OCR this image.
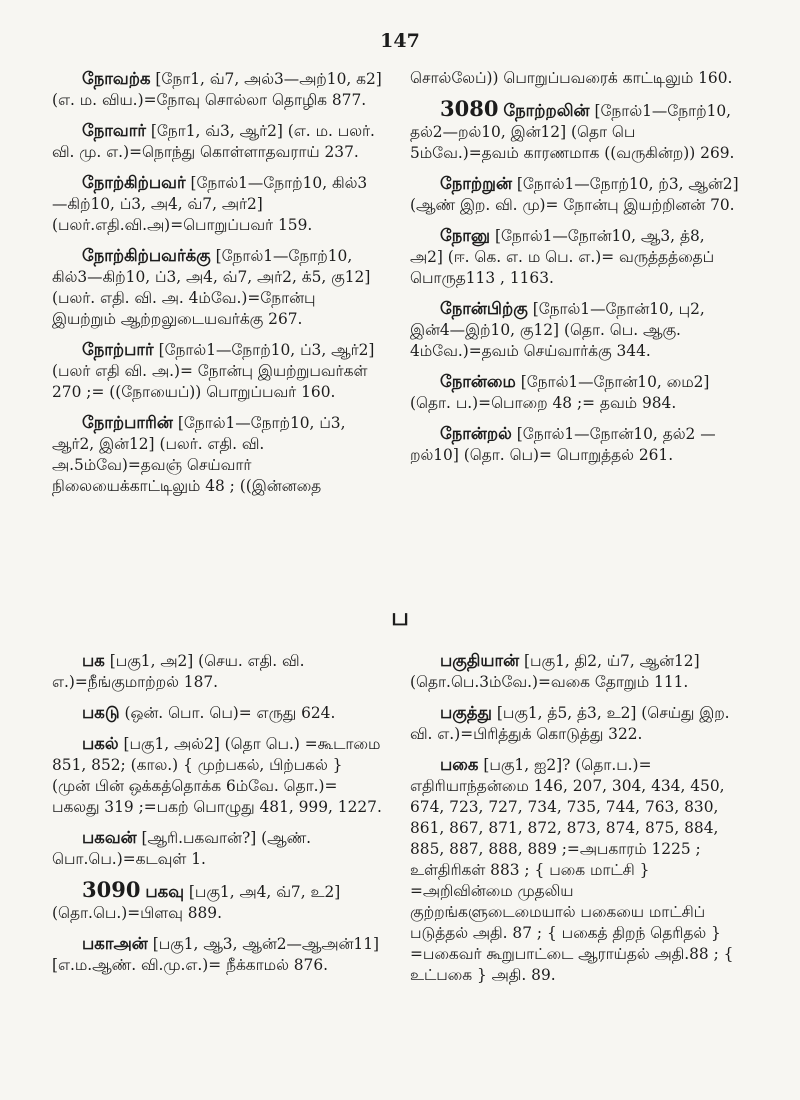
147

நோவற்க [நோ1, வ்7, அல்3—அற்10, க2] (எ. ம. விய.)=நோவு சொல்லா தொழிக 877.

நோவார் [நோ1, வ்3, ஆர்2] (எ. ம. பலர். வி. மு. எ.)=நொந்து கொள்ளாதவராய் 237.

நோற்கிற்பவர் [நோல்1—நோற்10, கில்3—கிற்10, ப்3, அ4, வ்7, அர்2] (பலர்.எதி.வி.அ)=பொறுப்பவர் 159.

நோற்கிற்பவர்க்கு [நோல்1—நோற்10, கில்3—கிற்10, ப்3, அ4, வ்7, அர்2, க்5, கு12] (பலர். எதி. வி. அ. 4ம்வே.)=நோன்பு இயற்றும் ஆற்றலுடையவர்க்கு 267.

நோற்பார் [நோல்1—நோற்10, ப்3, ஆர்2] (பலர் எதி வி. அ.)= நோன்பு இயற்றுபவர்கள் 270 ;= ((நோயைப்)) பொறுப்பவர் 160.

நோற்பாரின் [நோல்1—நோற்10, ப்3, ஆர்2, இன்12] (பலர். எதி. வி. அ.5ம்வே)=தவஞ் செய்வார் நிலையைக்காட்டிலும் 48 ; ((இன்னதை

சொல்லேப்)) பொறுப்பவரைக் காட்டிலும் 160.

3080 நோற்றலின் [நோல்1—நோற்10, தல்2—றல்10, இன்12] (தொ பெ 5ம்வே.)=தவம் காரணமாக ((வருகின்ற)) 269.

நோற்றுன் [நோல்1—நோற்10, ற்3, ஆன்2] (ஆண் இற. வி. மு)= நோன்பு இயற்றினன் 70.

நோனு [நோல்1—நோன்10, ஆ3, த்8, அ2] (ஈ. கெ. எ. ம பெ. எ.)= வருத்தத்தைப் பொருத113 , 1163.

நோன்பிற்கு [நோல்1—நோன்10, பு2, இன்4—இற்10, கு12] (தொ. பெ. ஆகு. 4ம்வே.)=தவம் செய்வார்க்கு 344.

நோன்மை [நோல்1—நோன்10, மை2] (தொ. ப.)=பொறை 48 ;= தவம் 984.

நோன்றல் [நோல்1—நோன்10, தல்2 — றல்10] (தொ. பெ)= பொறுத்தல் 261.

ப

பக [பகு1, அ2] (செய. எதி. வி. எ.)=நீங்குமாற்றல் 187.

பகடு (ஒன். பொ. பெ)= எருது 624.

பகல் [பகு1, அல்2] (தொ பெ.) =கூடாமை 851, 852; (கால.) { முற்பகல், பிற்பகல் } (முன் பின் ஒக்கத்தொக்க 6ம்வே. தொ.)= பகலது 319 ;=பகற் பொழுது 481, 999, 1227.

பகவன் [ஆரி.பகவான்?] (ஆண். பொ.பெ.)=கடவுள் 1.

3090 பகவு [பகு1, அ4, வ்7, உ2] (தொ.பெ.)=பிளவு 889.

பகாஅன் [பகு1, ஆ3, ஆன்2—ஆஅன்11] [எ.ம.ஆண். வி.மு.எ.)= நீக்காமல் 876.

பகுதியான் [பகு1, தி2, ய்7, ஆன்12] (தொ.பெ.3ம்வே.)=வகை தோறும் 111.

பகுத்து [பகு1, த்5, த்3, உ2] (செய்து இற. வி. எ.)=பிரித்துக் கொடுத்து 322.

பகை [பகு1, ஐ2]? (தொ.ப.)= எதிரியாந்தன்மை 146, 207, 304, 434, 450, 674, 723, 727, 734, 735, 744, 763, 830, 861, 867, 871, 872, 873, 874, 875, 884, 885, 887, 888, 889 ;=அபகாரம் 1225 ; உள்திரிகள் 883 ; { பகை மாட்சி } =அறிவின்மை முதலிய குற்றங்களுடைமையால் பகையை மாட்சிப் படுத்தல் அதி. 87 ; { பகைத் திறந் தெரிதல் } =பகைவர் கூறுபாட்டை ஆராய்தல் அதி.88 ; { உட்பகை } அதி. 89.
